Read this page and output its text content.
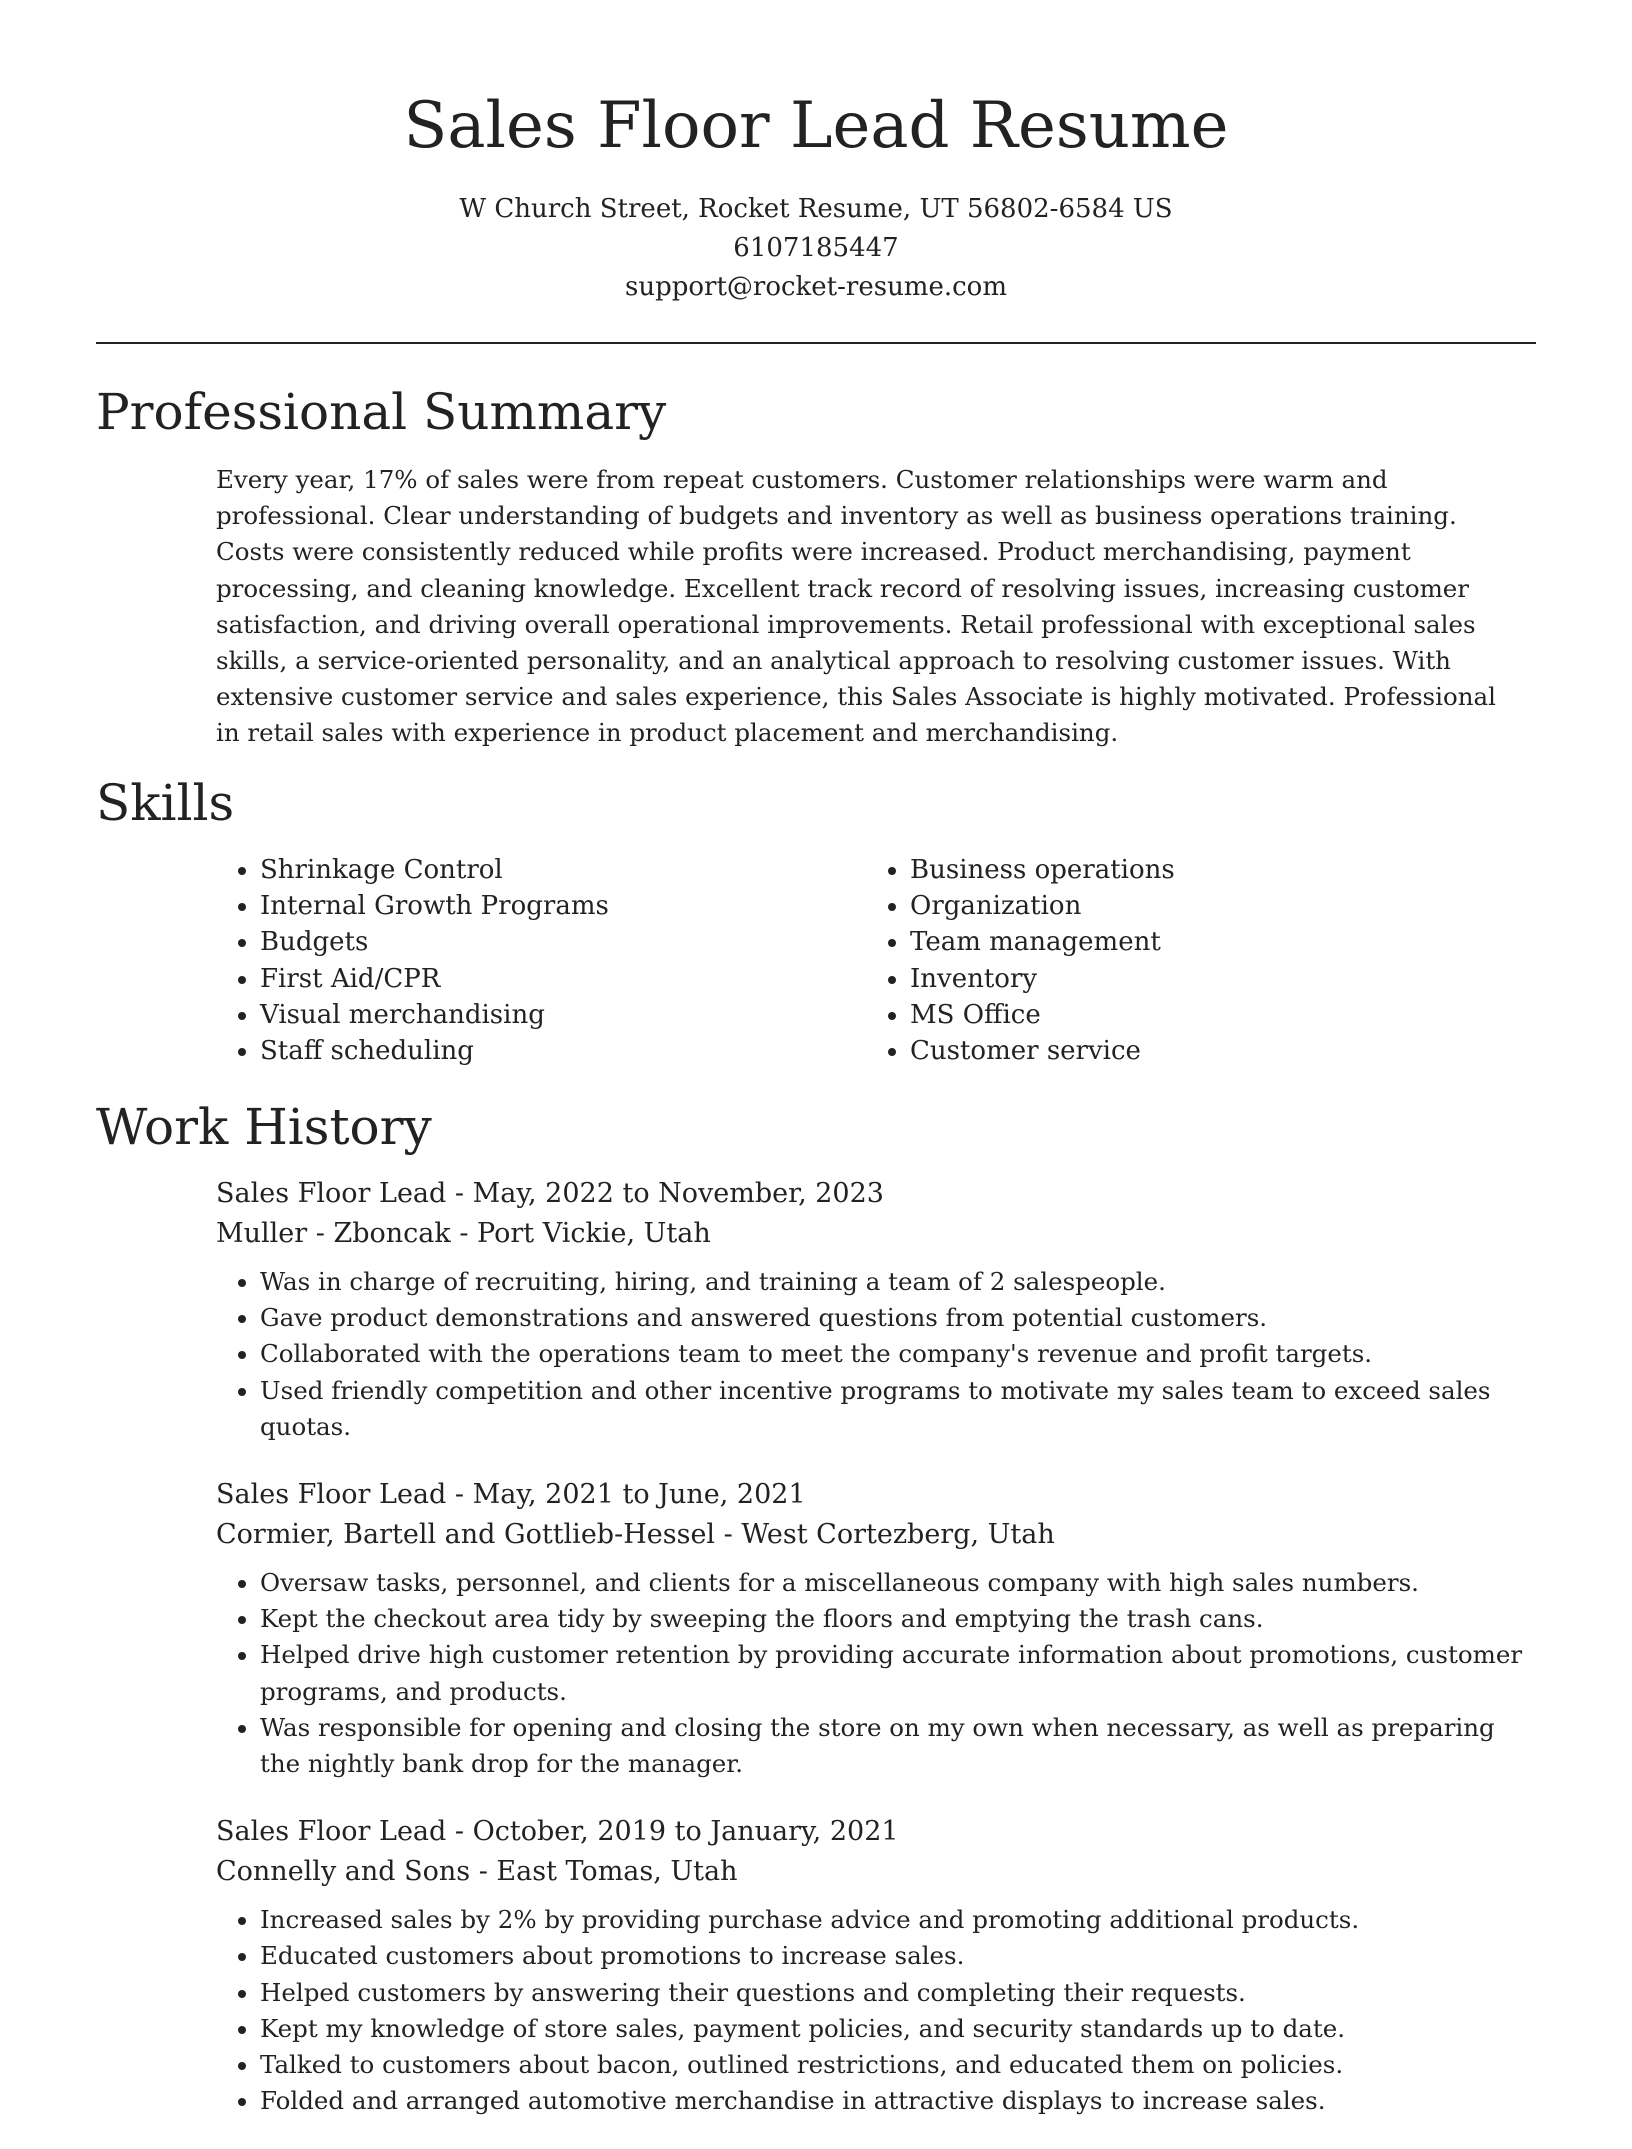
Sales Floor Lead Resume
W Church Street, Rocket Resume, UT 56802-6584 US
6107185447
support@rocket-resume.com
Professional Summary

Every year, 17% of sales were from repeat customers. Customer relationships were warm and professional. Clear understanding of budgets and inventory as well as business operations training. Costs were consistently reduced while profits were increased. Product merchandising, payment processing, and cleaning knowledge. Excellent track record of resolving issues, increasing customer satisfaction, and driving overall operational improvements. Retail professional with exceptional sales skills, a service-oriented personality, and an analytical approach to resolving customer issues. With extensive customer service and sales experience, this Sales Associate is highly motivated. Professional in retail sales with experience in product placement and merchandising.

Skills
• Shrinkage Control
• Internal Growth Programs
• Budgets
• First Aid/CPR
• Visual merchandising
• Staff scheduling
• Business operations
• Organization
• Team management
• Inventory
• MS Office
• Customer service
Work History
Sales Floor Lead - May, 2022 to November, 2023
Muller - Zboncak - Port Vickie, Utah
• Was in charge of recruiting, hiring, and training a team of 2 salespeople.
• Gave product demonstrations and answered questions from potential customers.
• Collaborated with the operations team to meet the company's revenue and profit targets.
• Used friendly competition and other incentive programs to motivate my sales team to exceed sales quotas.
Sales Floor Lead - May, 2021 to June, 2021
Cormier, Bartell and Gottlieb-Hessel - West Cortezberg, Utah
• Oversaw tasks, personnel, and clients for a miscellaneous company with high sales numbers.
• Kept the checkout area tidy by sweeping the floors and emptying the trash cans.
• Helped drive high customer retention by providing accurate information about promotions, customer programs, and products.
• Was responsible for opening and closing the store on my own when necessary, as well as preparing the nightly bank drop for the manager.
Sales Floor Lead - October, 2019 to January, 2021
Connelly and Sons - East Tomas, Utah
• Increased sales by 2% by providing purchase advice and promoting additional products.
• Educated customers about promotions to increase sales.
• Helped customers by answering their questions and completing their requests.
• Kept my knowledge of store sales, payment policies, and security standards up to date.
• Talked to customers about bacon, outlined restrictions, and educated them on policies.
• Folded and arranged automotive merchandise in attractive displays to increase sales.
